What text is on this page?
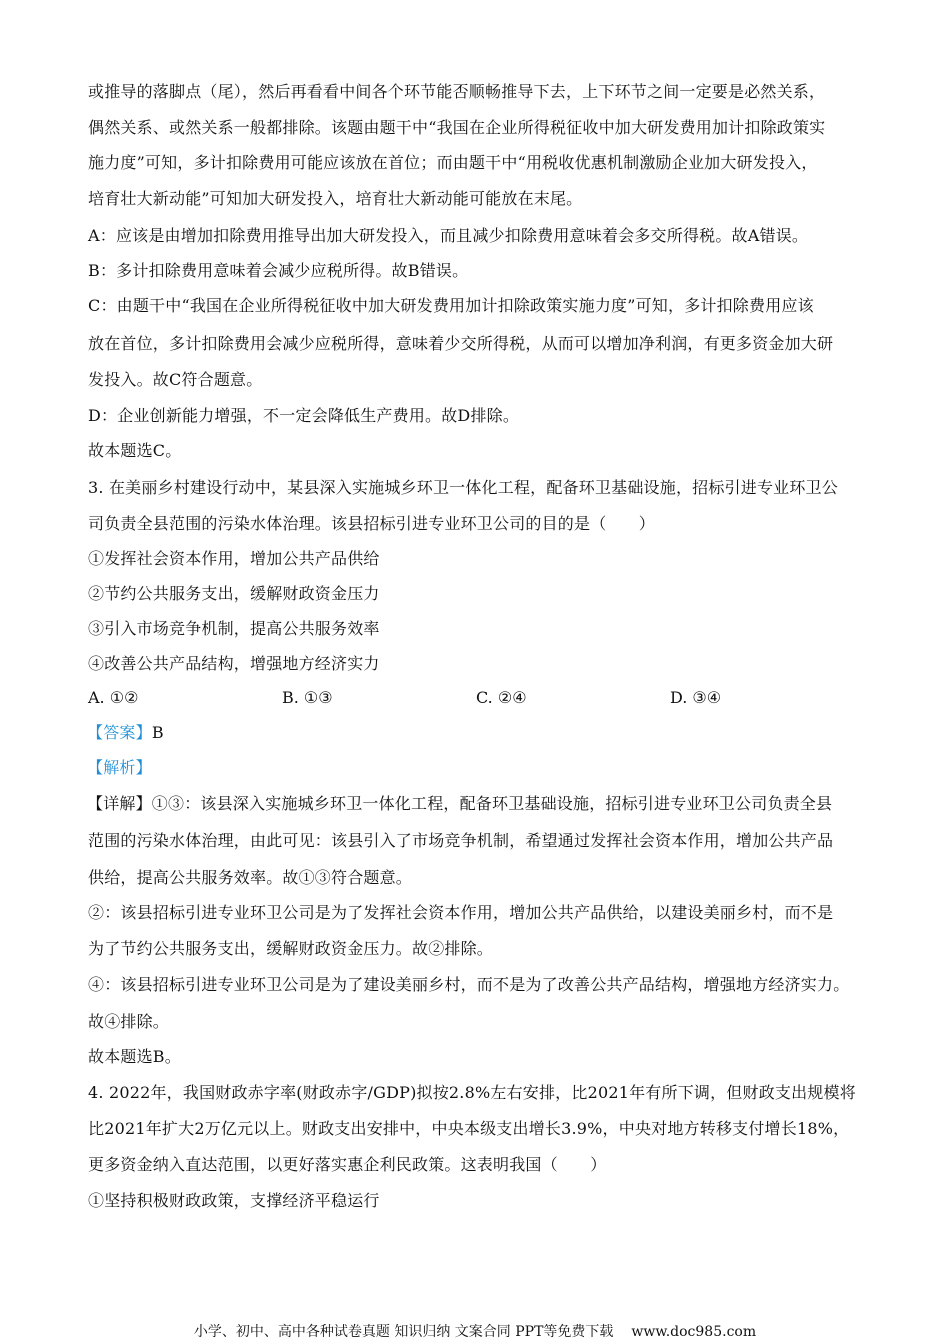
或推导的落脚点（尾），然后再看看中间各个环节能否顺畅推导下去，上下环节之间一定要是必然关系，
偶然关系、或然关系一般都排除。该题由题干中“我国在企业所得税征收中加大研发费用加计扣除政策实
施力度”可知，多计扣除费用可能应该放在首位；而由题干中“用税收优惠机制激励企业加大研发投入，
培育壮大新动能”可知加大研发投入，培育壮大新动能可能放在末尾。
A：应该是由增加扣除费用推导出加大研发投入，而且减少扣除费用意味着会多交所得税。故A错误。
B：多计扣除费用意味着会减少应税所得。故B错误。
C：由题干中“我国在企业所得税征收中加大研发费用加计扣除政策实施力度”可知，多计扣除费用应该
放在首位，多计扣除费用会减少应税所得，意味着少交所得税，从而可以增加净利润，有更多资金加大研
发投入。故C符合题意。
D：企业创新能力增强，不一定会降低生产费用。故D排除。
故本题选C。
3. 在美丽乡村建设行动中，某县深入实施城乡环卫一体化工程，配备环卫基础设施，招标引进专业环卫公
司负责全县范围的污染水体治理。该县招标引进专业环卫公司的目的是（　　）
①发挥社会资本作用，增加公共产品供给
②节约公共服务支出，缓解财政资金压力
③引入市场竞争机制，提高公共服务效率
④改善公共产品结构，增强地方经济实力
A. ①②	B. ①③	C. ②④	D. ③④
【答案】B
【解析】
【详解】①③：该县深入实施城乡环卫一体化工程，配备环卫基础设施，招标引进专业环卫公司负责全县
范围的污染水体治理，由此可见：该县引入了市场竞争机制，希望通过发挥社会资本作用，增加公共产品
供给，提高公共服务效率。故①③符合题意。
②：该县招标引进专业环卫公司是为了发挥社会资本作用，增加公共产品供给，以建设美丽乡村，而不是
为了节约公共服务支出，缓解财政资金压力。故②排除。
④：该县招标引进专业环卫公司是为了建设美丽乡村，而不是为了改善公共产品结构，增强地方经济实力。
故④排除。
故本题选B。
4. 2022年，我国财政赤字率(财政赤字/GDP)拟按2.8%左右安排，比2021年有所下调，但财政支出规模将
比2021年扩大2万亿元以上。财政支出安排中，中央本级支出增长3.9%，中央对地方转移支付增长18%，
更多资金纳入直达范围，以更好落实惠企利民政策。这表明我国（　　）
①坚持积极财政政策，支撑经济平稳运行
小学、初中、高中各种试卷真题 知识归纳 文案合同 PPT等免费下载 www.doc985.com
